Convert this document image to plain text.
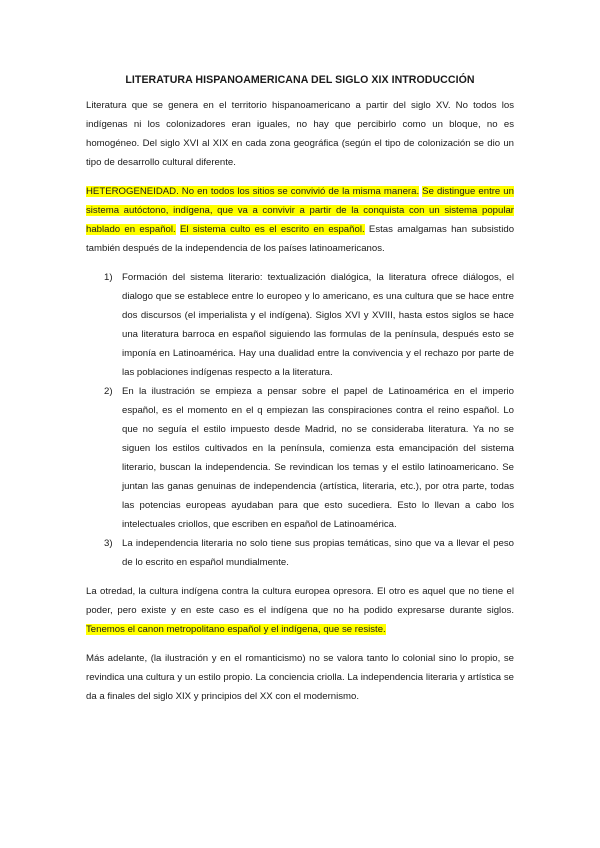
LITERATURA HISPANOAMERICANA DEL SIGLO XIX INTRODUCCIÓN

Literatura que se genera en el territorio hispanoamericano a partir del siglo XV. No todos los indígenas ni los colonizadores eran iguales, no hay que percibirlo como un bloque, no es homogéneo. Del siglo XVI al XIX en cada zona geográfica (según el tipo de colonización se dio un tipo de desarrollo cultural diferente.

HETEROGENEIDAD. No en todos los sitios se convivió de la misma manera. Se distingue entre un sistema autóctono, indígena, que va a convivir a partir de la conquista con un sistema popular hablado en español. El sistema culto es el escrito en español. Estas amalgamas han subsistido también después de la independencia de los países latinoamericanos.

1) Formación del sistema literario: textualización dialógica, la literatura ofrece diálogos, el dialogo que se establece entre lo europeo y lo americano, es una cultura que se hace entre dos discursos (el imperialista y el indígena). Siglos XVI y XVIII, hasta estos siglos se hace una literatura barroca en español siguiendo las formulas de la península, después esto se imponía en Latinoamérica. Hay una dualidad entre la convivencia y el rechazo por parte de las poblaciones indígenas respecto a la literatura.
2) En la ilustración se empieza a pensar sobre el papel de Latinoamérica en el imperio español, es el momento en el q empiezan las conspiraciones contra el reino español. Lo que no seguía el estilo impuesto desde Madrid, no se consideraba literatura. Ya no se siguen los estilos cultivados en la península, comienza esta emancipación del sistema literario, buscan la independencia. Se revindican los temas y el estilo latinoamericano. Se juntan las ganas genuinas de independencia (artística, literaria, etc.), por otra parte, todas las potencias europeas ayudaban para que esto sucediera. Esto lo llevan a cabo los intelectuales criollos, que escriben en español de Latinoamérica.
3) La independencia literaria no solo tiene sus propias temáticas, sino que va a llevar el peso de lo escrito en español mundialmente.

La otredad, la cultura indígena contra la cultura europea opresora. El otro es aquel que no tiene el poder, pero existe y en este caso es el indígena que no ha podido expresarse durante siglos. Tenemos el canon metropolitano español y el indígena, que se resiste.

Más adelante, (la ilustración y en el romanticismo) no se valora tanto lo colonial sino lo propio, se revindica una cultura y un estilo propio. La conciencia criolla. La independencia literaria y artística se da a finales del siglo XIX y principios del XX con el modernismo.
